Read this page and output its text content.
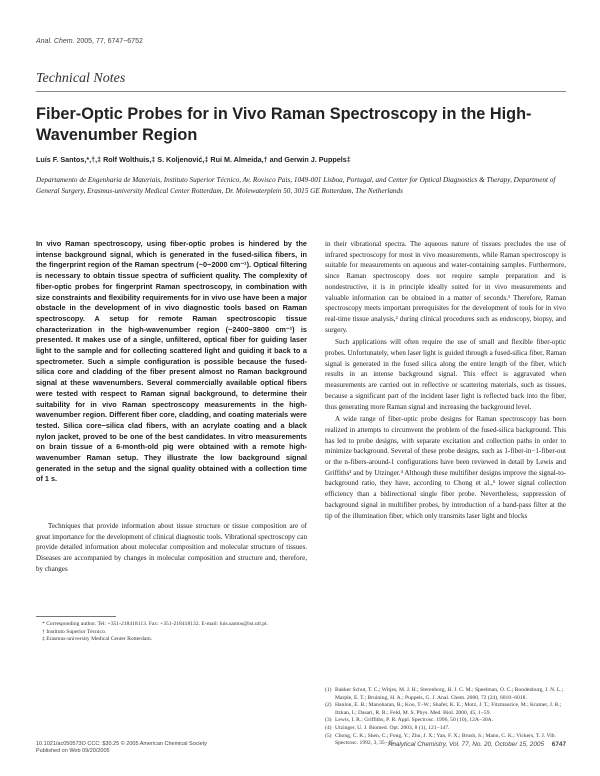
Anal. Chem. 2005, 77, 6747−6752
Technical Notes
Fiber-Optic Probes for in Vivo Raman Spectroscopy in the High-Wavenumber Region
Luís F. Santos,*,†,‡ Rolf Wolthuis,‡ S. Koljenović,‡ Rui M. Almeida,† and Gerwin J. Puppels‡
Departamento de Engenharia de Materiais, Instituto Superior Técnico, Av. Rovisco Pais, 1049-001 Lisboa, Portugal, and Center for Optical Diagnostics & Therapy, Department of General Surgery, Erasmus-university Medical Center Rotterdam, Dr. Molewaterplein 50, 3015 GE Rotterdam, The Netherlands
In vivo Raman spectroscopy, using fiber-optic probes is hindered by the intense background signal, which is generated in the fused-silica fibers, in the fingerprint region of the Raman spectrum (~0−2000 cm⁻¹). Optical filtering is necessary to obtain tissue spectra of sufficient quality. The complexity of fiber-optic probes for fingerprint Raman spectroscopy, in combination with size constraints and flexibility requirements for in vivo use have been a major obstacle in the development of in vivo diagnostic tools based on Raman spectroscopy. A setup for remote Raman spectroscopic tissue characterization in the high-wavenumber region (~2400−3800 cm⁻¹) is presented. It makes use of a single, unfiltered, optical fiber for guiding laser light to the sample and for collecting scattered light and guiding it back to a spectrometer. Such a simple configuration is possible because the fused-silica core and cladding of the fiber present almost no Raman background signal at these wavenumbers. Several commercially available optical fibers were tested with respect to Raman signal background, to determine their suitability for in vivo Raman spectroscopy measurements in the high-wavenumber region. Different fiber core, cladding, and coating materials were tested. Silica core−silica clad fibers, with an acrylate coating and a black nylon jacket, proved to be one of the best candidates. In vitro measurements on brain tissue of a 6-month-old pig were obtained with a remote high-wavenumber Raman setup. They illustrate the low background signal generated in the setup and the signal quality obtained with a collection time of 1 s.

Techniques that provide information about tissue structure or tissue composition are of great importance for the development of clinical diagnostic tools. Vibrational spectroscopy can provide detailed information about molecular composition and molecular structure of tissues. Diseases are accompanied by changes in molecular composition and structure and, therefore, by changes

* Corresponding author. Tel: +351-218418113. Fax: +351-218418132. E-mail: luis.santos@ist.utl.pt.
† Instituto Superior Técnico.
‡ Erasmus-university Medical Center Rotterdam.

in their vibrational spectra. The aqueous nature of tissues precludes the use of infrared spectroscopy for most in vivo measurements, while Raman spectroscopy is suitable for measurements on aqueous and water-containing samples. Furthermore, since Raman spectroscopy does not require sample preparation and is nondestructive, it is in principle ideally suited for in vivo measurements and valuable information can be obtained in a matter of seconds.¹ Therefore, Raman spectroscopy meets important prerequisites for the development of tools for in vivo real-time tissue analysis,² during clinical procedures such as endoscopy, biopsy, and surgery.

Such applications will often require the use of small and flexible fiber-optic probes. Unfortunately, when laser light is guided through a fused-silica fiber, Raman signal is generated in the fused silica along the entire length of the fiber, which results in an intense background signal. This effect is aggravated when measurements are carried out in reflective or scattering materials, such as tissues, because a significant part of the incident laser light is reflected back into the fiber, thus generating more Raman signal and increasing the background level.

A wide range of fiber-optic probe designs for Raman spectroscopy has been realized in attempts to circumvent the problem of the fused-silica background. This has led to probe designs, with separate excitation and collection paths in order to minimize background. Several of these probe designs, such as 1-fiber-in−1-fiber-out or the n-fibers-around-1 configurations have been reviewed in detail by Lewis and Griffiths³ and by Utzinger.⁴ Although these multifiber designs improve the signal-to-background ratio, they have, according to Chong et al.,⁵ lower signal collection efficiency than a bidirectional single fiber probe. Nevertheless, suppression of background signal in multifiber probes, by introduction of a band-pass filter at the tip of the illumination fiber, which only transmits laser light and blocks

(1) Bakker Schut, T. C.; Witjes, M. J. H.; Sterenborg, H. J. C. M.; Speelman, O. C.; Roodenburg, J. N. L.; Marple, E. T.; Bruining, H. A.; Puppels, G. J. Anal. Chem. 2000, 72 (24), 6010−6018.
(2) Hanlon, E. B.; Manoharan, R.; Koo, T.-W.; Shafer, K. E.; Motz, J. T.; Fitzmaurice, M.; Kramer, J. R.; Itzkan, I.; Dasari, R. R.; Feld, M. S. Phys. Med. Biol. 2000, 45, 1−59.
(3) Lewis, I. R.; Griffiths, P. R. Appl. Spectrosc. 1996, 50 (10), 12A−30A.
(4) Utzinger, U. J. Biomed. Opt. 2003, 8 (1), 121−147.
(5) Chong, C. K.; Shen, C.; Fong, Y.; Zhu, J. X.; Yan, F. X.; Brush, S.; Mann, C. K.; Vickers, T. J. Vib. Spectrosc. 1992, 3, 35−45.
10.1021/ac050573O CCC: $30.25 © 2005 American Chemical Society
Published on Web 09/20/2005
Analytical Chemistry, Vol. 77, No. 20, October 15, 2005 6747
